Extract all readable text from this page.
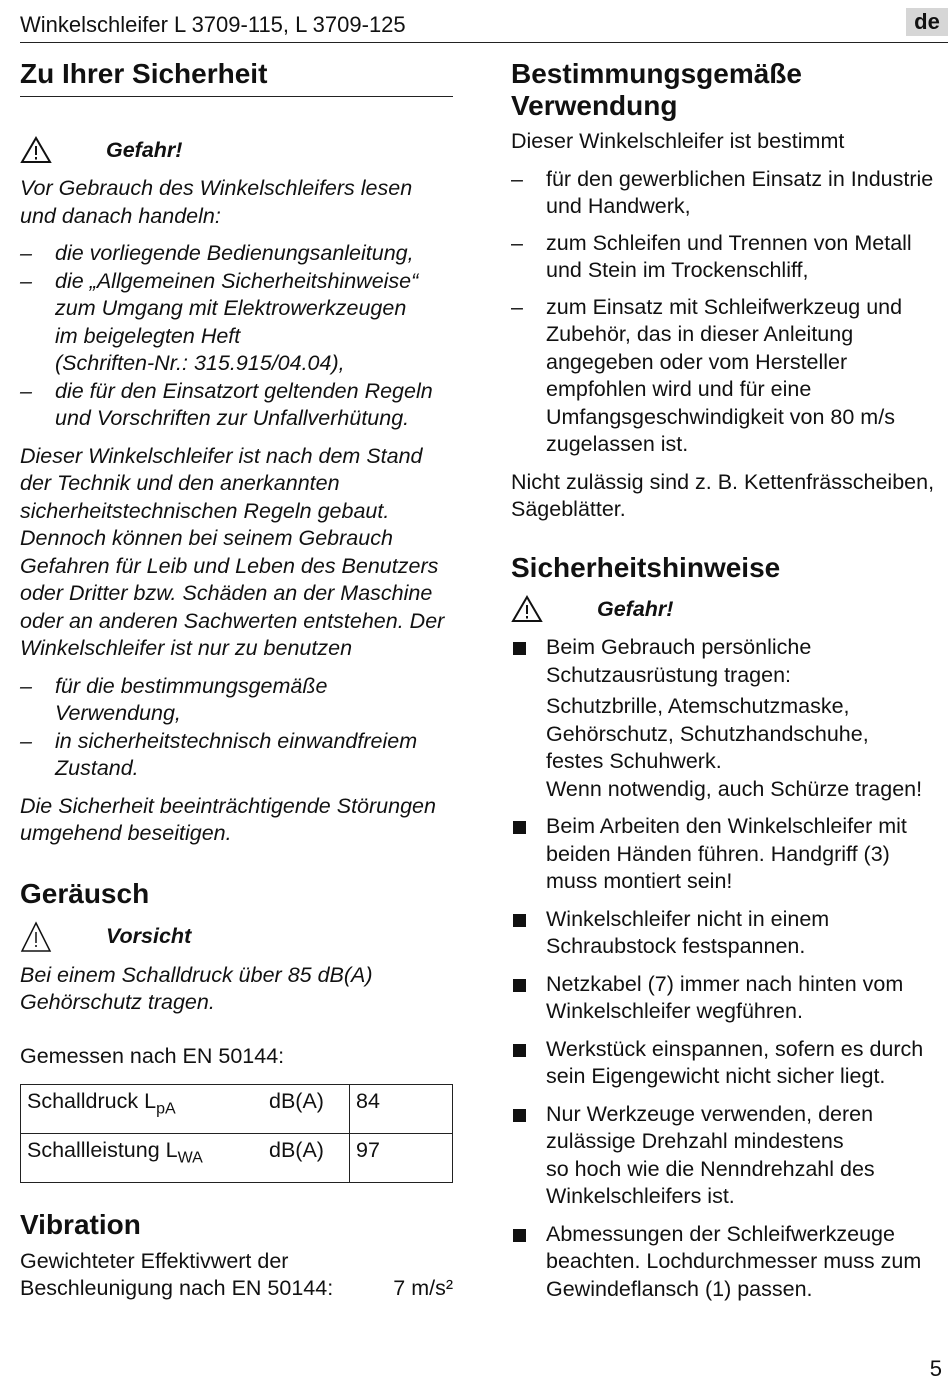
Winkelschleifer L 3709-115, L 3709-125	de
Zu Ihrer Sicherheit
Gefahr!

Vor Gebrauch des Winkelschleifers lesen und danach handeln:

– die vorliegende Bedienungsanleitung,
– die „Allgemeinen Sicherheitshinweise“
zum Umgang mit Elektrowerkzeugen
im beigelegten Heft
(Schriften-Nr.: 315.915/04.04),
– die für den Einsatzort geltenden Regeln und Vorschriften zur Unfallverhütung.

Dieser Winkelschleifer ist nach dem Stand der Technik und den anerkannten sicherheitstechnischen Regeln gebaut. Dennoch können bei seinem Gebrauch Gefahren für Leib und Leben des Benutzers oder Dritter bzw. Schäden an der Maschine oder an anderen Sachwerten entstehen. Der Winkelschleifer ist nur zu benutzen

– für die bestimmungsgemäße
Verwendung,
– in sicherheitstechnisch einwandfreiem
Zustand.

Die Sicherheit beeinträchtigende Störungen umgehend beseitigen.

Geräusch
Vorsicht

Bei einem Schalldruck über 85 dB(A) Gehörschutz tragen.

Gemessen nach EN 50144:

Schalldruck $L_{pA}$	dB(A)	84
Schallleistung $L_{WA}$	dB(A)	97
Vibration
Gewichteter Effektivwert der
Beschleunigung nach EN 50144:	7 m/s²
Bestimmungsgemäße
Verwendung

Dieser Winkelschleifer ist bestimmt

– für den gewerblichen Einsatz in Industrie
und Handwerk,
– zum Schleifen und Trennen von Metall
und Stein im Trockenschliff,
– zum Einsatz mit Schleifwerkzeug und
Zubehör, das in dieser Anleitung
angegeben oder vom Hersteller
empfohlen wird und für eine
Umfangsgeschwindigkeit von 80 m/s
zugelassen ist.

Nicht zulässig sind z. B. Kettenfrässcheiben, Sägeblätter.

Sicherheitshinweise
Gefahr!
Beim Gebrauch persönliche
Schutzausrüstung tragen:
Schutzbrille, Atemschutzmaske,
Gehörschutz, Schutzhandschuhe,
festes Schuhwerk.
Wenn notwendig, auch Schürze tragen!
Beim Arbeiten den Winkelschleifer mit
beiden Händen führen. Handgriff (3)
muss montiert sein!
Winkelschleifer nicht in einem
Schraubstock festspannen.
Netzkabel (7) immer nach hinten vom
Winkelschleifer wegführen.
Werkstück einspannen, sofern es durch
sein Eigengewicht nicht sicher liegt.
Nur Werkzeuge verwenden, deren
zulässige Drehzahl mindestens
so hoch wie die Nenndrehzahl des
Winkelschleifers ist.
Abmessungen der Schleifwerkzeuge
beachten. Lochdurchmesser muss zum
Gewindeflansch (1) passen.
5
